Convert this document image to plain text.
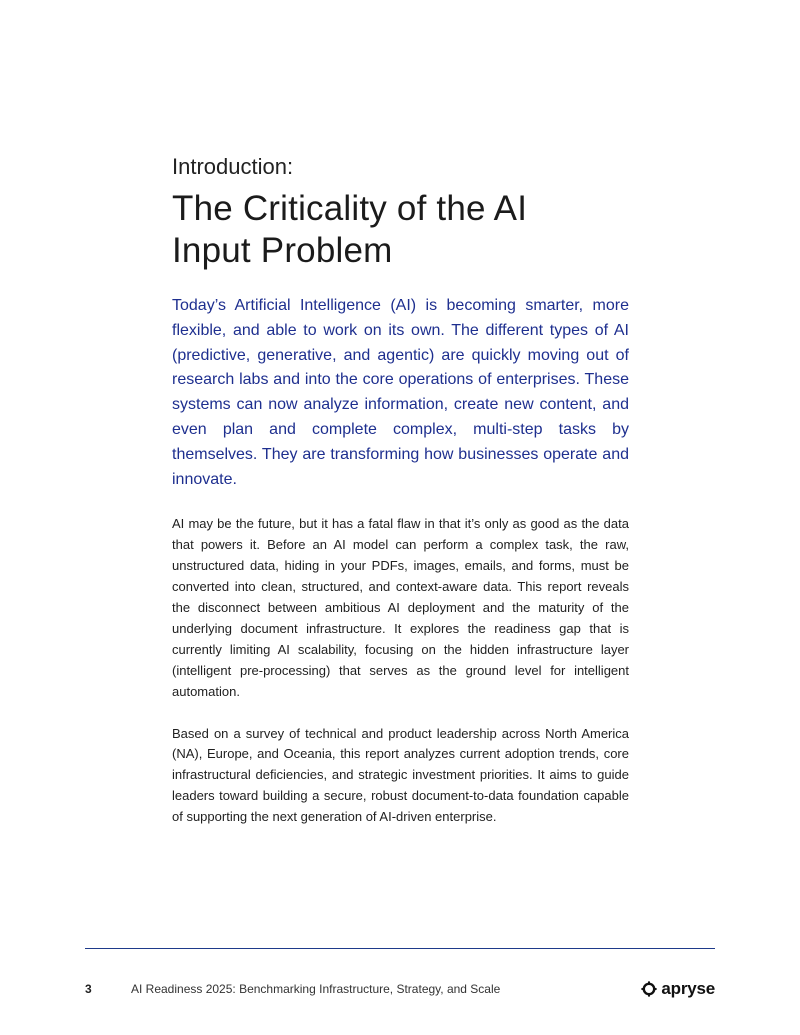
Introduction:

The Criticality of the AI
Input Problem

Today’s Artificial Intelligence (AI) is becoming smarter, more flexible, and able to work on its own. The different types of AI (predictive, generative, and agentic) are quickly moving out of research labs and into the core operations of enterprises. These systems can now analyze information, create new content, and even plan and complete complex, multi-step tasks by themselves. They are transforming how businesses operate and innovate.

AI may be the future, but it has a fatal flaw in that it’s only as good as the data that powers it. Before an AI model can perform a complex task, the raw, unstructured data, hiding in your PDFs, images, emails, and forms, must be converted into clean, structured, and context-aware data. This report reveals the disconnect between ambitious AI deployment and the maturity of the underlying document infrastructure. It explores the readiness gap that is currently limiting AI scalability, focusing on the hidden infrastructure layer (intelligent pre-processing) that serves as the ground level for intelligent automation.

Based on a survey of technical and product leadership across North America (NA), Europe, and Oceania, this report analyzes current adoption trends, core infrastructural deficiencies, and strategic investment priorities. It aims to guide leaders toward building a secure, robust document-to-data foundation capable of supporting the next generation of AI-driven enterprise.

3	AI Readiness 2025: Benchmarking Infrastructure, Strategy, and Scale	apryse
